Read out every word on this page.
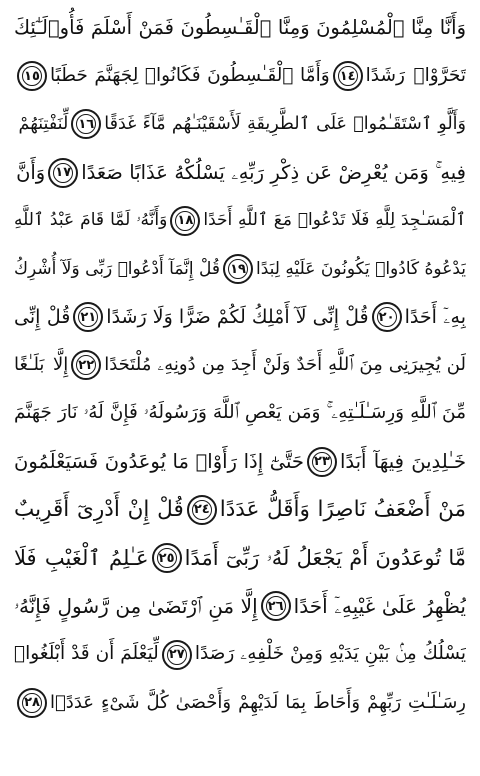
وَأَنَّا مِنَّا ٱلْمُسْلِمُونَ وَمِنَّا ٱلْقَـٰسِطُونَ فَمَنْ أَسْلَمَ فَأُو۟لَـٰٓئِكَ
تَحَرَّوْا۟ رَشَدًا
١٤
وَأَمَّا ٱلْقَـٰسِطُونَ فَكَانُوا۟ لِجَهَنَّمَ حَطَبًا
١٥
وَأَلَّوِ ٱسْتَقَـٰمُوا۟ عَلَى ٱلطَّرِيقَةِ لَأَسْقَيْنَـٰهُم مَّآءً غَدَقًا
١٦
لِّنَفْتِنَهُمْ
فِيهِ ۚ وَمَن يُعْرِضْ عَن ذِكْرِ رَبِّهِۦ يَسْلُكْهُ عَذَابًا صَعَدًا
١٧
وَأَنَّ
ٱلْمَسَـٰجِدَ لِلَّهِ فَلَا تَدْعُوا۟ مَعَ ٱللَّهِ أَحَدًا
١٨
وَأَنَّهُۥ لَمَّا قَامَ عَبْدُ ٱللَّهِ
يَدْعُوهُ كَادُوا۟ يَكُونُونَ عَلَيْهِ لِبَدًا
١٩
قُلْ إِنَّمَآ أَدْعُوا۟ رَبِّى وَلَآ أُشْرِكُ
بِهِۦٓ أَحَدًا
٢٠
قُلْ إِنِّى لَآ أَمْلِكُ لَكُمْ ضَرًّا وَلَا رَشَدًا
٢١
قُلْ إِنِّى
لَن يُجِيرَنِى مِنَ ٱللَّهِ أَحَدٌ وَلَنْ أَجِدَ مِن دُونِهِۦ مُلْتَحَدًا
٢٢
إِلَّا بَلَـٰغًا
مِّنَ ٱللَّهِ وَرِسَـٰلَـٰتِهِۦ ۚ وَمَن يَعْصِ ٱللَّهَ وَرَسُولَهُۥ فَإِنَّ لَهُۥ نَارَ جَهَنَّمَ
خَـٰلِدِينَ فِيهَآ أَبَدًا
٢٣
حَتَّىٰٓ إِذَا رَأَوْا۟ مَا يُوعَدُونَ فَسَيَعْلَمُونَ
مَنْ أَضْعَفُ نَاصِرًا وَأَقَلُّ عَدَدًا
٢٤
قُلْ إِنْ أَدْرِىٓ أَقَرِيبٌ
مَّا تُوعَدُونَ أَمْ يَجْعَلُ لَهُۥ رَبِّىٓ أَمَدًا
٢٥
عَـٰلِمُ ٱلْغَيْبِ فَلَا
يُظْهِرُ عَلَىٰ غَيْبِهِۦٓ أَحَدًا
٢٦
إِلَّا مَنِ ٱرْتَضَىٰ مِن رَّسُولٍ فَإِنَّهُۥ
يَسْلُكُ مِنۢ بَيْنِ يَدَيْهِ وَمِنْ خَلْفِهِۦ رَصَدًا
٢٧
لِّيَعْلَمَ أَن قَدْ أَبْلَغُوا۟
رِسَـٰلَـٰتِ رَبِّهِمْ وَأَحَاطَ بِمَا لَدَيْهِمْ وَأَحْصَىٰ كُلَّ شَىْءٍ عَدَدًۢا
٢٨
